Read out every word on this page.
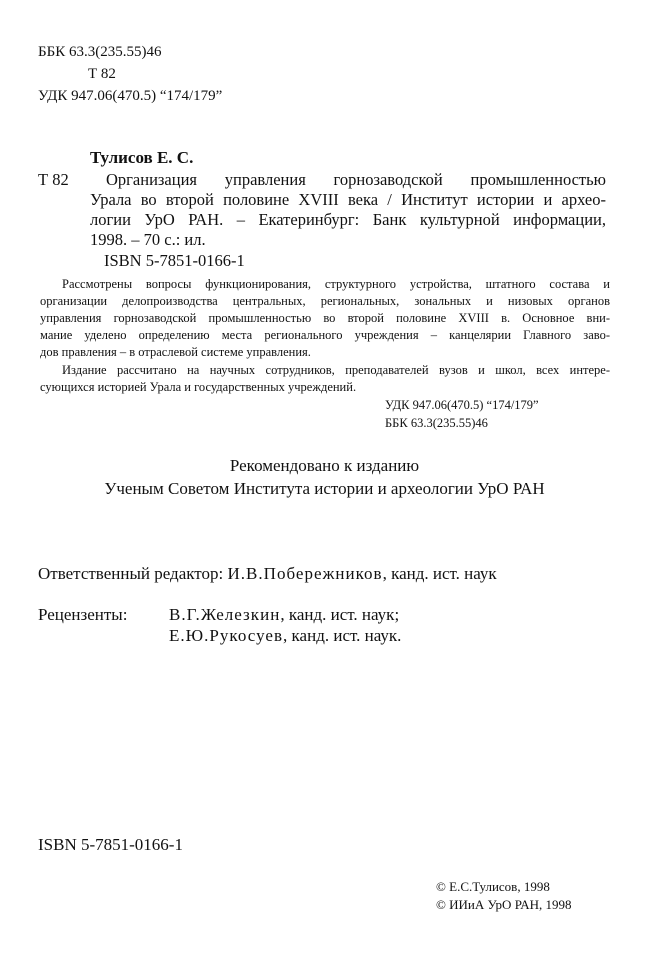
ББК 63.3(235.55)46
Т 82
УДК 947.06(470.5) “174/179”
Тулисов Е. С.
Т 82 Организация управления горнозаводской промышленностью
Урала во второй половине XVIII века / Институт истории и архео-
логии УрО РАН. – Екатеринбург: Банк культурной информации,
1998. – 70 с.: ил.
ISBN 5-7851-0166-1
Рассмотрены вопросы функционирования, структурного устройства, штатного состава и
организации делопроизводства центральных, региональных, зональных и низовых органов
управления горнозаводской промышленностью во второй половине XVIII в. Основное вни-
мание уделено определению места регионального учреждения – канцелярии Главного заво-
дов правления – в отраслевой системе управления.
Издание рассчитано на научных сотрудников, преподавателей вузов и школ, всех интере-
сующихся историей Урала и государственных учреждений.
УДК 947.06(470.5) “174/179”
ББК 63.3(235.55)46
Рекомендовано к изданию
Ученым Советом Института истории и археологии УрО РАН
Ответственный редактор: И.В.Побережников, канд. ист. наук
Рецензенты: В.Г.Железкин, канд. ист. наук;
Е.Ю.Рукосуев, канд. ист. наук.
ISBN 5-7851-0166-1
© Е.С.Тулисов, 1998
© ИИиА УрО РАН, 1998
